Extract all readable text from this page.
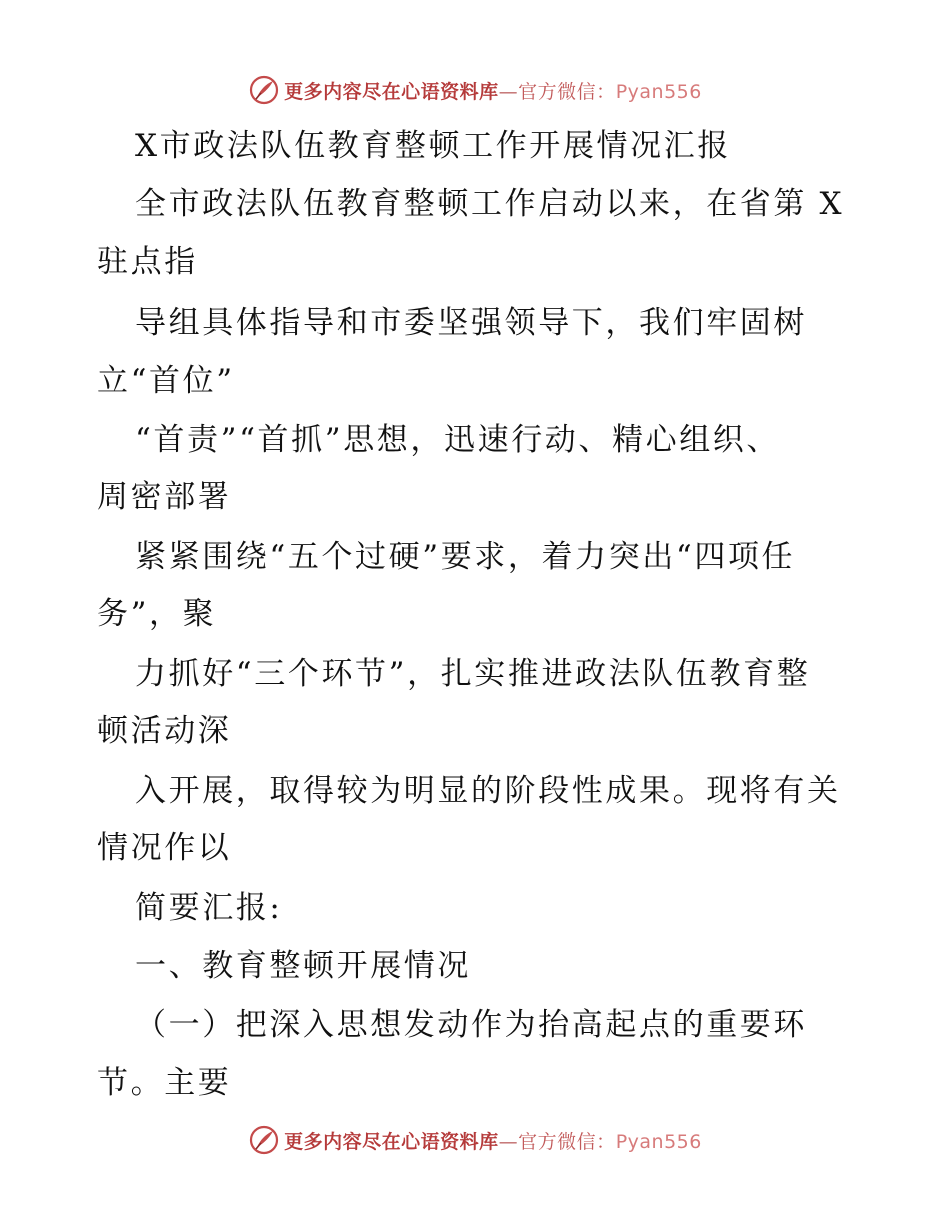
更多内容尽在心语资料库—官方微信：Pyan556
X市政法队伍教育整顿工作开展情况汇报
全市政法队伍教育整顿工作启动以来，在省第 X
驻点指
导组具体指导和市委坚强领导下，我们牢固树
立“首位”
“首责”“首抓”思想，迅速行动、精心组织、
周密部署
紧紧围绕“五个过硬”要求，着力突出“四项任
务”，聚
力抓好“三个环节”，扎实推进政法队伍教育整
顿活动深
入开展，取得较为明显的阶段性成果。现将有关
情况作以
简要汇报:
一、教育整顿开展情况
（一）把深入思想发动作为抬高起点的重要环
节。主要
更多内容尽在心语资料库—官方微信：Pyan556
